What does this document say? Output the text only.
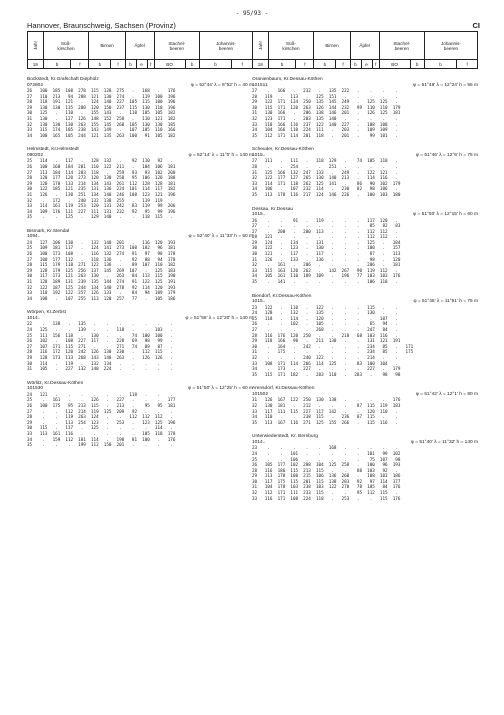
- 95/93 -
Hannover, Braunschweig, Sachsen (Provinz)	CI
Jahr	Süß-
kirschen		Birnen		Äpfel			Stachel-
beeren		Johannis-
beeren	
19	b	f	b	f	b	e	f	BO	b	b	f
Bockstedt, Kr.Grafschaft Diepholz
072802	φ = 52°44' λ = 8°52' h = 40 m
26   100  185  108  278  115  128  275   .   168   .   176
27   110  213   94  288  121  130  274   .   119  100  196
28   118  191  121   .   124  140  227  105  115  100  196
29   130  130  135  280  120  150  237  115  130  110  196
30   125   .   110   .   155  143   .   110  105  105  182
31   130   .   127  126  148  152  258   .   110  121  182
32   130  130  130  263  155  145  268  105  130  130  185
33   115  174  105  238  143  149   .   107  105  110  166
34   100  165  105  244  121  135  263  100   91  105  182
Helmstedt, Kr.Helmstedt
090202	φ = 52°14' λ = 11°0' h = 140 m
25   114   .   117   .   128  132   .    92  110   92   .
26   100  160  184  201  110  122  211   .   104  106  181
27   113  184  114  283  118   .   259   93   93  102  200
28   120  177  120  273  120  130  258   95  106  120  188
29   120  178  133  214  134  143  261  112  128  128  181
30   122  185  121  235  131  136  224  101  114  117  182
31   126   .   130  251  134  140  246  108  123  121  196
32    .   172   .   240  132  138  255   .   119  119   .
33   114  161  119  253  120  131  242   83  119   99  206
34   109  176  111  227  111  131  232   92   95   99  196
35    .    .   125   .   129  140   .    .   118  115   .
Bismark, Kr.Stendal
1094..	φ = 52°40' λ = 11°33' h = 50 m
24   127  106  130   .   132  140  201   .   116  120  193
25   109  181  117   .   124  141  273  100  102   96  181
26   100  173  108   .   116  132  274   91   97   98  178
27   100  177  112   .   118  136   .    92   88   94  178
28   115  179  118  271  122  136   .    89  107  110  182
29   128  179  125  256  137  145  269  107   .   125  183
30   117  173  121  263  130   .   263   84  113  115  190
31   128  189  131  239  135  144  274   91  122  125  191
32   122  187  125  244  134  140  278   92  114  120  193
33   118  192  122  257  126  133   .    84   94  109  179
34   108   .   107  255  113  120  257   77   .   105  186
Wörpen, Kr.Zerbst
1014..	φ = 51°56' λ = 12°20' h = 140 m
22    .   138   .   135   .    .    .    .    .    .    .
24   125   .    .   139   .    .   118   .    .   103   .
25   111  156  118   .   130   .    .    74  100  100   .
26   102   .   108  227  117   .   228   69   98   99   .
27   107  171  115  271   .    .   271   74   89   87   .
28   116  172  120  242  126  130  230   .   112  115   .
29   128  173  133  268  143  148  263   .   126  126   .
30   114   .   119   .   132  134   .    .    .    .    .
31   105   .   227  132  140  224   .    .    .    .    .
Wörlitz, Kr.Dessau-Köthen
101530	φ = 51°50' λ = 12°25' h = 60 m
24   121   .    .    .    .    .    .   118   .    .    .
25    .   161   .    .   126   .   227   .    .    .   177
26   100  175   95  213  115   .   213   .    95   95  181
27    .    .   112  214  119  125  209   92   .    .    .
28    .    .   119  263  124   .    .   112  112  112   .
29    .    .   113  254  123   .   253   .   123  125  196
30   115   .   117   .   125   .    .    .    .   114   .
33   113  161  116   .    .    .    .    .   105  118  178
34    .   159  112  181  114   .   198   81  100   .   176
35    .    .    .   199  112  150  201   .    .    .    .
Jahr	Süß-
kirschen		Birnen		Äpfel			Stachel-
beeren		Johannis-
beeren	
19	b	f	b	f	b	e	f	BO	b	b	f
Oranienbaum, Kr.Dessau-Köthen
101511	φ = 51°48' λ = 12°24' h = 55 m
27    .   166   .   232   .   135  222   .    .    .    .
28   119   .   113   .   125  151   .    .    .    .    .
29   122  171  134  250  135  145  249   .   125  125   .
30   115  171  120  263  126  144  232   99  110  110  179
31   130  166   .   206  138  146  201   .   126  125  181
32   123  171   .   203  135  140   .    .    .    .    .
33   110  166  116  237  122  140  227   .   108  108   .
34   104  166  110  224  111   .   203   .   109  109   .
35   112  171  114  201  118   .   201   .    99  101   .
Scheuder, Kr.Dessau-Köthen
1015..	φ = 51°46' λ = 12°6' h = 75 m
27   111   .   111   .   118  129   .    74  105  118   .
28    .    .   254   .    .   251   .    .    .    .    .
31   125  166  132  247  133   .   249   .   122  121   .
32   122  177  127  265  130  140  213   .   114  116   .
33   114  171  118  262  125  141   .    86   90  102  179
34   106   .   107  232  114   .   230   82   98  106   .
35   113  178  116  217  124  146  226   .   100  103  180
Dessau, Kr.Dessau
1015..	φ = 51°50' λ = 12°15' h = 60 m
26    .    .    91   .   119   .    .    .   117  120   .
27    .    .    .    .    .    .    .    .    85   82   83
27    .   200   .   200  113   .    .    .   112  112   .
28   121   .    .    .    .    .    .    .   112  112   .
29   124   .   134   .   131   .    .    .   125   .   184
30   122   .   123   .   130   .    .    .   100   .   157
30   121   .   117   .   117   .    .    .    87   .   113
31   126   .   133   .   136   .    .    .    98   .   120
32    .   161   .   206   .    .    .    .   206   .   181
33   115  163  120  262   .   142  267   90  119  112   .
34   105  161  110  189  109   .   196   77  103  103  176
35    .   141   .    .    .    .    .    .   106  118   .
Biendorf, Kr.Dessau-Köthen
1015..	φ = 51°45' λ = 11°51' h = 75 m
23   122   .   110   .   122   .    .    .   115   .    .
24   128   .   132   .   135   .    .    .   130   .    .
25   118   .   114   .   120   .    .    .    .   107   .
26    .    .   102   .   105   .    .    .    65   94   .
27    .    .    .    .   268   .    .    .   247   84   .
28   116  176  120  250   .    .   218   68  103  116   .
29   118  166   98   .   211  130   .    .   131  121  191
30    .   164   .   242   .    .    .    .   234   85   .   171
31    .   175   .    .    .    .    .    .   234   85   .   175
32    .    .    .   240  122   .    .    .   214   .    .
33   108  171  114  266  114  125   .    83  100  104   .
34    .   173   .   227   .    .    .    .   227   .   179
35   115  171  182   .   283  110   .   283   .    98   98
Arensdorf, Kr.Dessau-Köthen
101502	φ = 51°42' λ = 12°1' h = 80 m
31   126  167  122  250  130  138   .    .    .    .   176
32   130  181   .   212   .    .    .    87  115  119  183
33   117  111  115  227  117  142   .    .   120  110   .
34   110   .    .   238  115   .   236   87  115   .    .
35   113  167  116  271  125  155  266   .   115  116   .
Unterwiederstedt, Kr. Bernburg
1014..	φ = 51°40' λ = 11°32' h = 140 m
23    .    .    .    .    .   168   .    .    .    .    .
24    .    .   101   .    .    .    .    .   101   99  102
25    .    .   106   .    .    .    .    .    75  107   98
26   105  177  102  208  104  125  258   .   100   96  193
28   116  186  115  213  115   .    .    88  103   92   .
29   113  178  108  215  106  136  260   .   108  103  186
30   117  175  115  201  115  138  283   92   97  114  177
31   104  178  103  238  103  122  278   78  105   84  176
32   112  171  111  233  115   .    .    95  112  115   .
33   116  171  108  224  118   .   253   .    .   115  176
